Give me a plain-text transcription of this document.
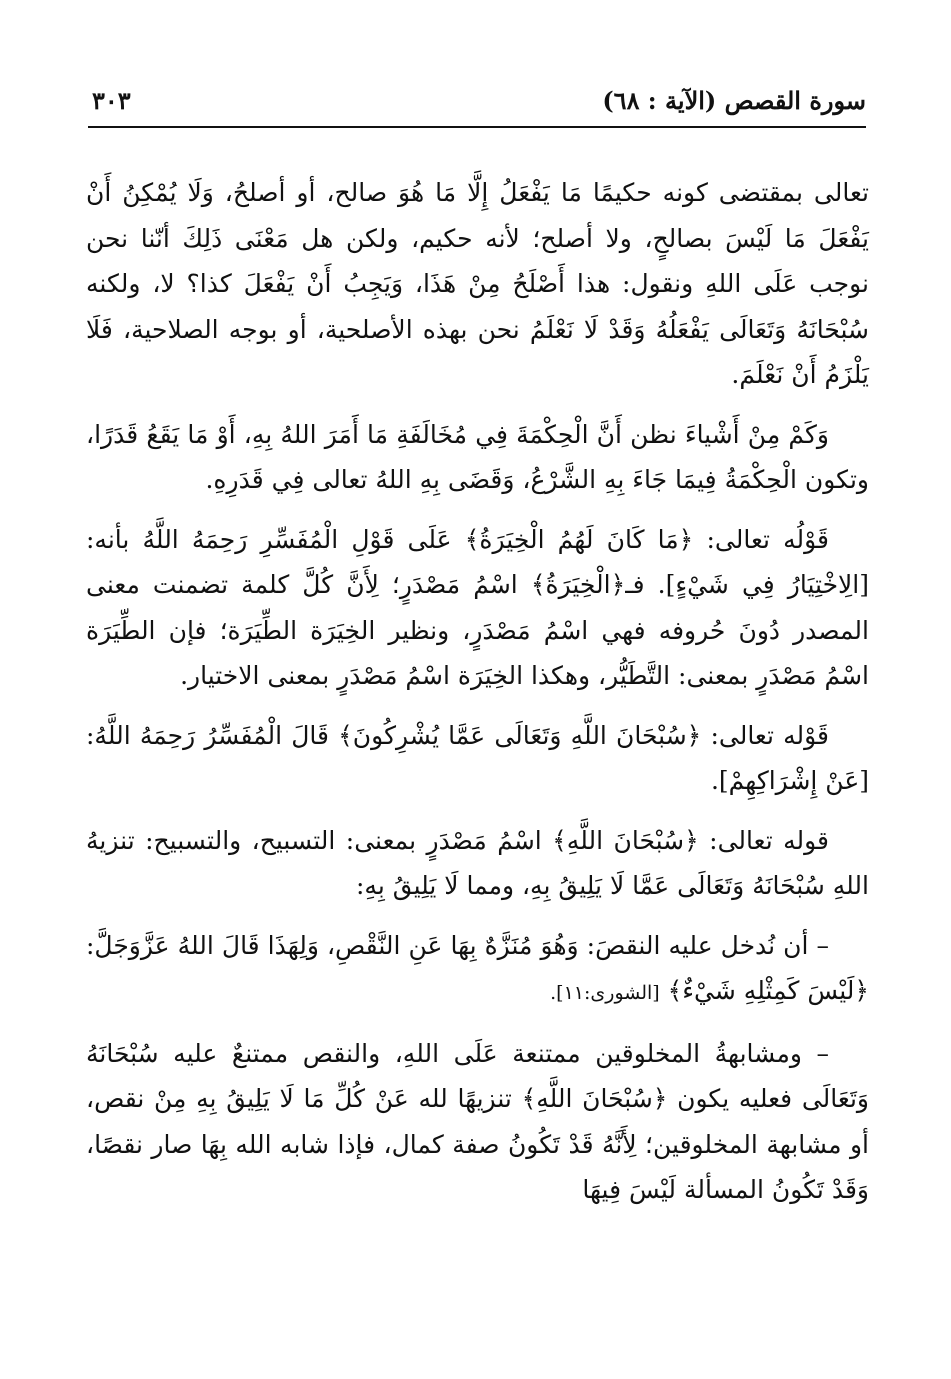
سورة القصص (الآية : ٦٨)
٣٠٣

تعالى بمقتضى كونه حكيمًا مَا يَفْعَلُ إِلَّا مَا هُوَ صالح، أو أصلحُ، وَلَا يُمْكِنُ أَنْ يَفْعَلَ مَا لَيْسَ بصالحٍ، ولا أصلح؛ لأنه حكيم، ولكن هل مَعْنَى ذَلِكَ أنّنا نحن نوجب عَلَى اللهِ ونقول: هذا أَصْلَحُ مِنْ هَذَا، وَيَجِبُ أَنْ يَفْعَلَ كذا؟ لا، ولكنه سُبْحَانَهُ وَتَعَالَى يَفْعَلُهُ وَقَدْ لَا نَعْلَمُ نحن بهذه الأصلحية، أو بوجه الصلاحية، فَلَا يَلْزَمُ أَنْ نَعْلَمَ.

وَكَمْ مِنْ أَشْياءَ نظن أَنَّ الْحِكْمَةَ فِي مُخَالَفَةِ مَا أَمَرَ اللهُ بِهِ، أَوْ مَا يَقَعُ قَدَرًا، وتكون الْحِكْمَةُ فِيمَا جَاءَ بِهِ الشَّرْعُ، وَقَضَى بِهِ اللهُ تعالى فِي قَدَرِهِ.

قَوْلُه تعالى: ﴿مَا كَانَ لَهُمُ الْخِيَرَةُ﴾ عَلَى قَوْلِ الْمُفَسِّرِ رَحِمَهُ اللَّهُ بأنه: [الِاخْتِيَارُ فِي شَيْءٍ]. فـ﴿الْخِيَرَةُ﴾ اسْمُ مَصْدَرٍ؛ لِأَنَّ كُلَّ كلمة تضمنت معنى المصدر دُونَ حُروفه فهي اسْمُ مَصْدَرٍ، ونظير الخِيَرَة الطِّيَرَة؛ فإن الطِّيَرَة اسْمُ مَصْدَرٍ بمعنى: التَّطَيُّر، وهكذا الخِيَرَة اسْمُ مَصْدَرٍ بمعنى الاختيار.

قَوْله تعالى: ﴿سُبْحَانَ اللَّهِ وَتَعَالَى عَمَّا يُشْرِكُونَ﴾ قَالَ الْمُفَسِّرُ رَحِمَهُ اللَّهُ: [عَنْ إِشْرَاكِهِمْ].

قوله تعالى: ﴿سُبْحَانَ اللَّهِ﴾ اسْمُ مَصْدَرٍ بمعنى: التسبيح، والتسبيح: تنزيهُ اللهِ سُبْحَانَهُ وَتَعَالَى عَمَّا لَا يَلِيقُ بِهِ، ومما لَا يَلِيقُ بِهِ:

– أن نُدخل عليه النقصَ: وَهُوَ مُنَزَّهٌ بِهَا عَنِ النَّقْصِ، وَلِهَذَا قَالَ اللهُ عَزَّوَجَلَّ: ﴿لَيْسَ كَمِثْلِهِ شَيْءٌ﴾ [الشورى:١١].

– ومشابهةُ المخلوقين ممتنعة عَلَى اللهِ، والنقص ممتنعٌ عليه سُبْحَانَهُ وَتَعَالَى فعليه يكون ﴿سُبْحَانَ اللَّهِ﴾ تنزيهًا لله عَنْ كُلِّ مَا لَا يَلِيقُ بِهِ مِنْ نقص، أو مشابهة المخلوقين؛ لِأَنَّهُ قَدْ تَكُونُ صفة كمال، فإذا شابه الله بِهَا صار نقصًا، وَقَدْ تَكُونُ المسألة لَيْسَ فِيهَا
